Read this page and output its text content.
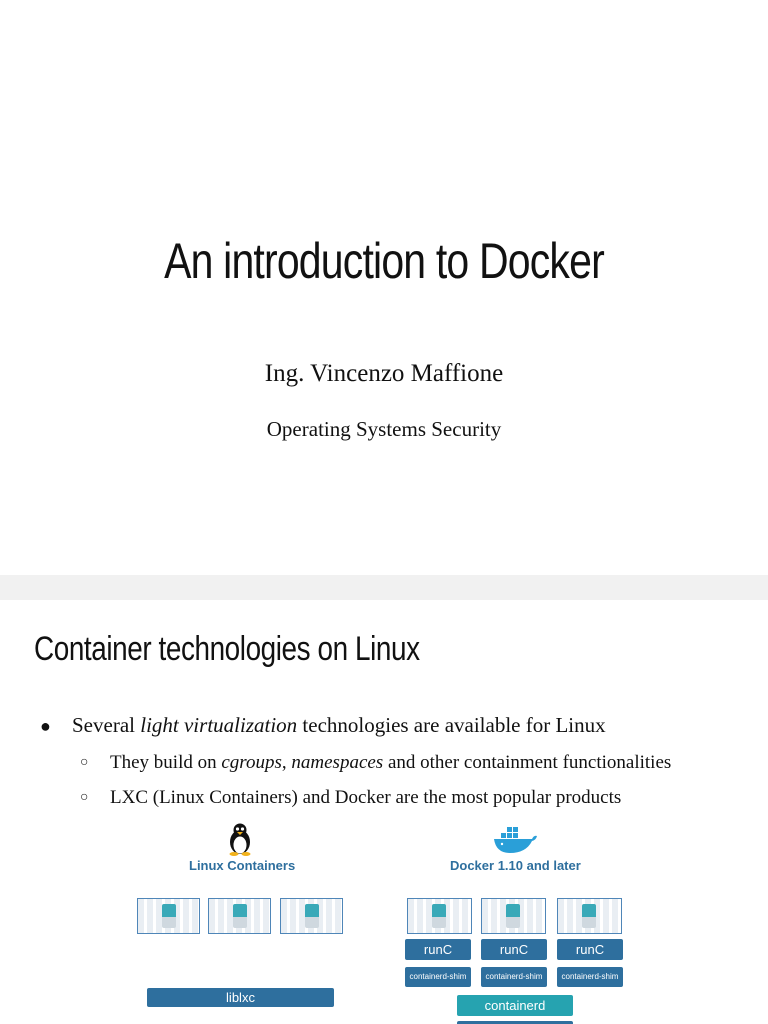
An introduction to Docker
Ing. Vincenzo Maffione
Operating Systems Security
Container technologies on Linux
● Several light virtualization technologies are available for Linux
○ They build on cgroups, namespaces and other containment functionalities
○ LXC (Linux Containers) and Docker are the most popular products
Linux Containers
liblxc
Docker 1.10 and later
runC	runC	runC
containerd-shim	containerd-shim	containerd-shim
containerd
